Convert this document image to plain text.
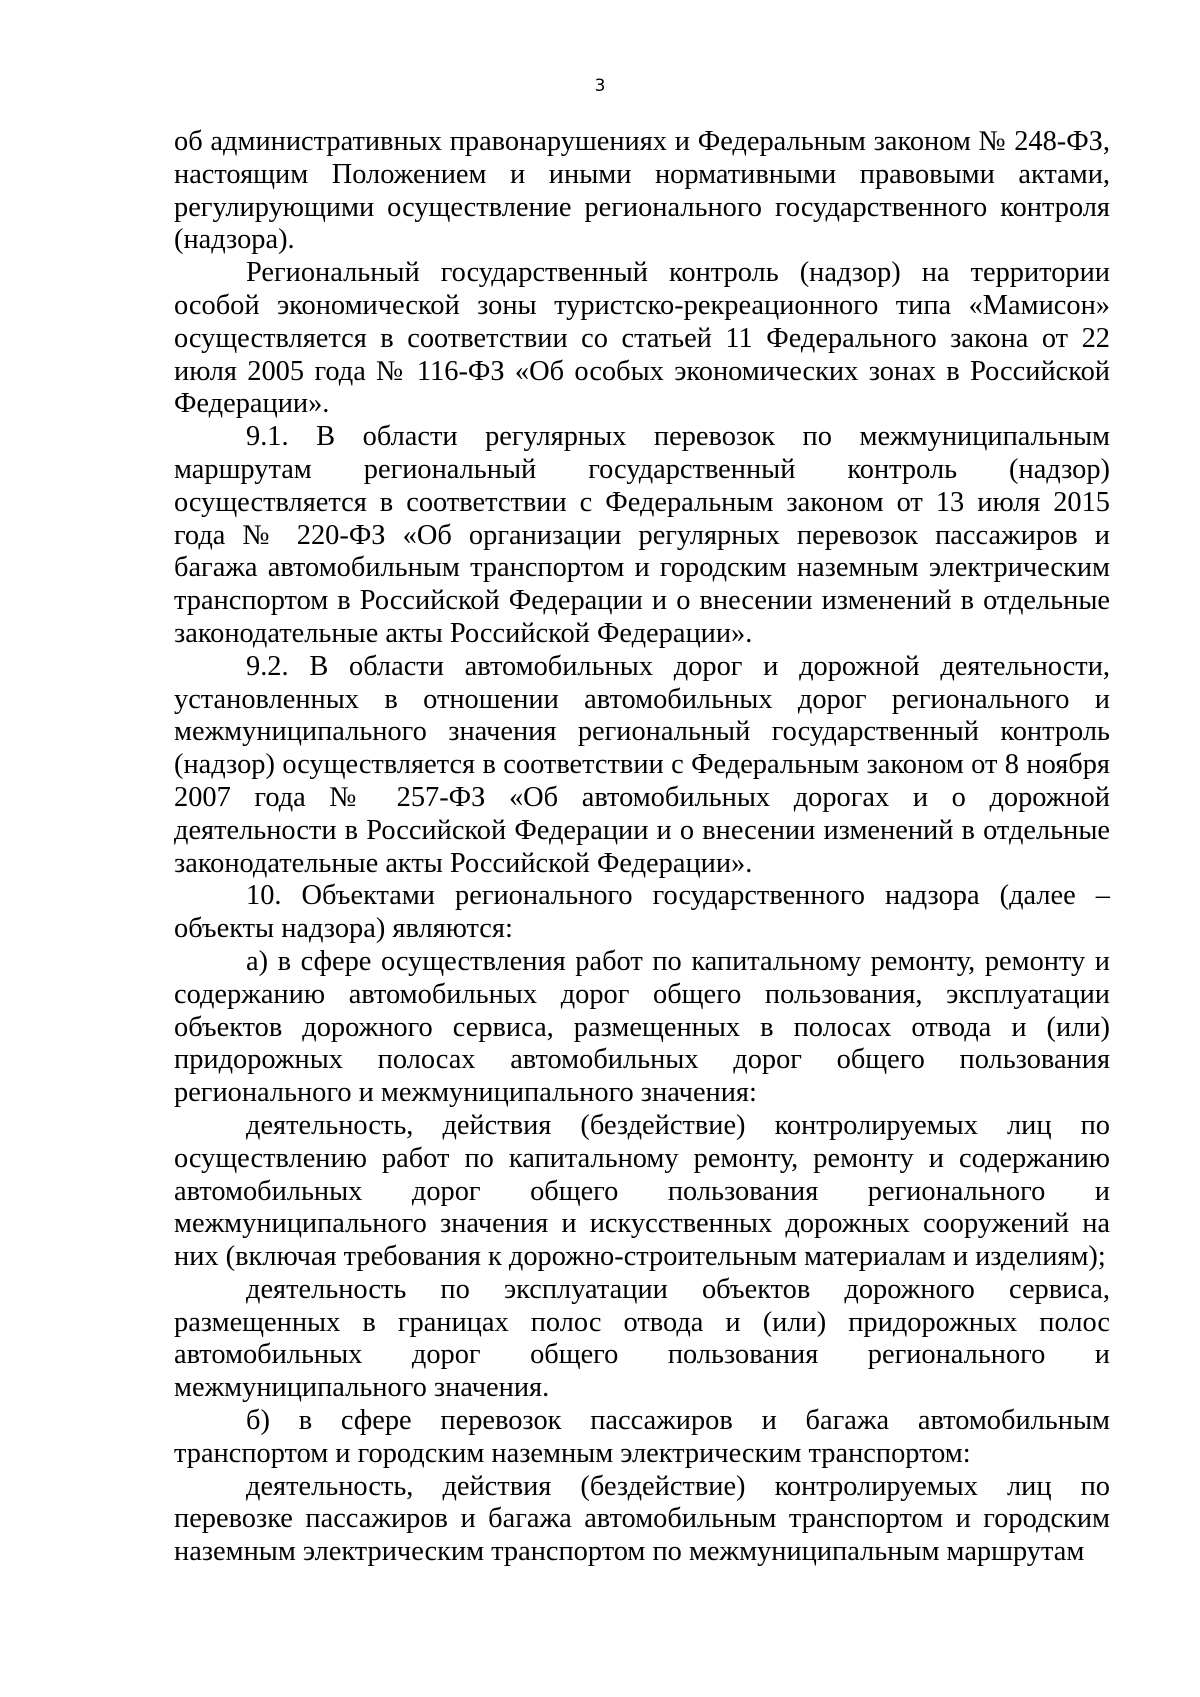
3

об административных правонарушениях и Федеральным законом № 248-ФЗ, настоящим Положением и иными нормативными правовыми актами, регулирующими осуществление регионального государственного контроля (надзора).

Региональный государственный контроль (надзор) на территории особой экономической зоны туристско-рекреационного типа «Мамисон» осуществляется в соответствии со статьей 11 Федерального закона от 22 июля 2005 года № 116-ФЗ «Об особых экономических зонах в Российской Федерации».

9.1. В области регулярных перевозок по межмуниципальным маршрутам региональный государственный контроль (надзор) осуществляется в соответствии с Федеральным законом от 13 июля 2015 года № 220-ФЗ «Об организации регулярных перевозок пассажиров и багажа автомобильным транспортом и городским наземным электрическим транспортом в Российской Федерации и о внесении изменений в отдельные законодательные акты Российской Федерации».

9.2. В области автомобильных дорог и дорожной деятельности, установленных в отношении автомобильных дорог регионального и межмуниципального значения региональный государственный контроль (надзор) осуществляется в соответствии с Федеральным законом от 8 ноября 2007 года № 257-ФЗ «Об автомобильных дорогах и о дорожной деятельности в Российской Федерации и о внесении изменений в отдельные законодательные акты Российской Федерации».

10. Объектами регионального государственного надзора (далее – объекты надзора) являются:

а) в сфере осуществления работ по капитальному ремонту, ремонту и содержанию автомобильных дорог общего пользования, эксплуатации объектов дорожного сервиса, размещенных в полосах отвода и (или) придорожных полосах автомобильных дорог общего пользования регионального и межмуниципального значения:

деятельность, действия (бездействие) контролируемых лиц по осуществлению работ по капитальному ремонту, ремонту и содержанию автомобильных дорог общего пользования регионального и межмуниципального значения и искусственных дорожных сооружений на них (включая требования к дорожно-строительным материалам и изделиям);

деятельность по эксплуатации объектов дорожного сервиса, размещенных в границах полос отвода и (или) придорожных полос автомобильных дорог общего пользования регионального и межмуниципального значения.

б) в сфере перевозок пассажиров и багажа автомобильным транспортом и городским наземным электрическим транспортом:

деятельность, действия (бездействие) контролируемых лиц по перевозке пассажиров и багажа автомобильным транспортом и городским наземным электрическим транспортом по межмуниципальным маршрутам
